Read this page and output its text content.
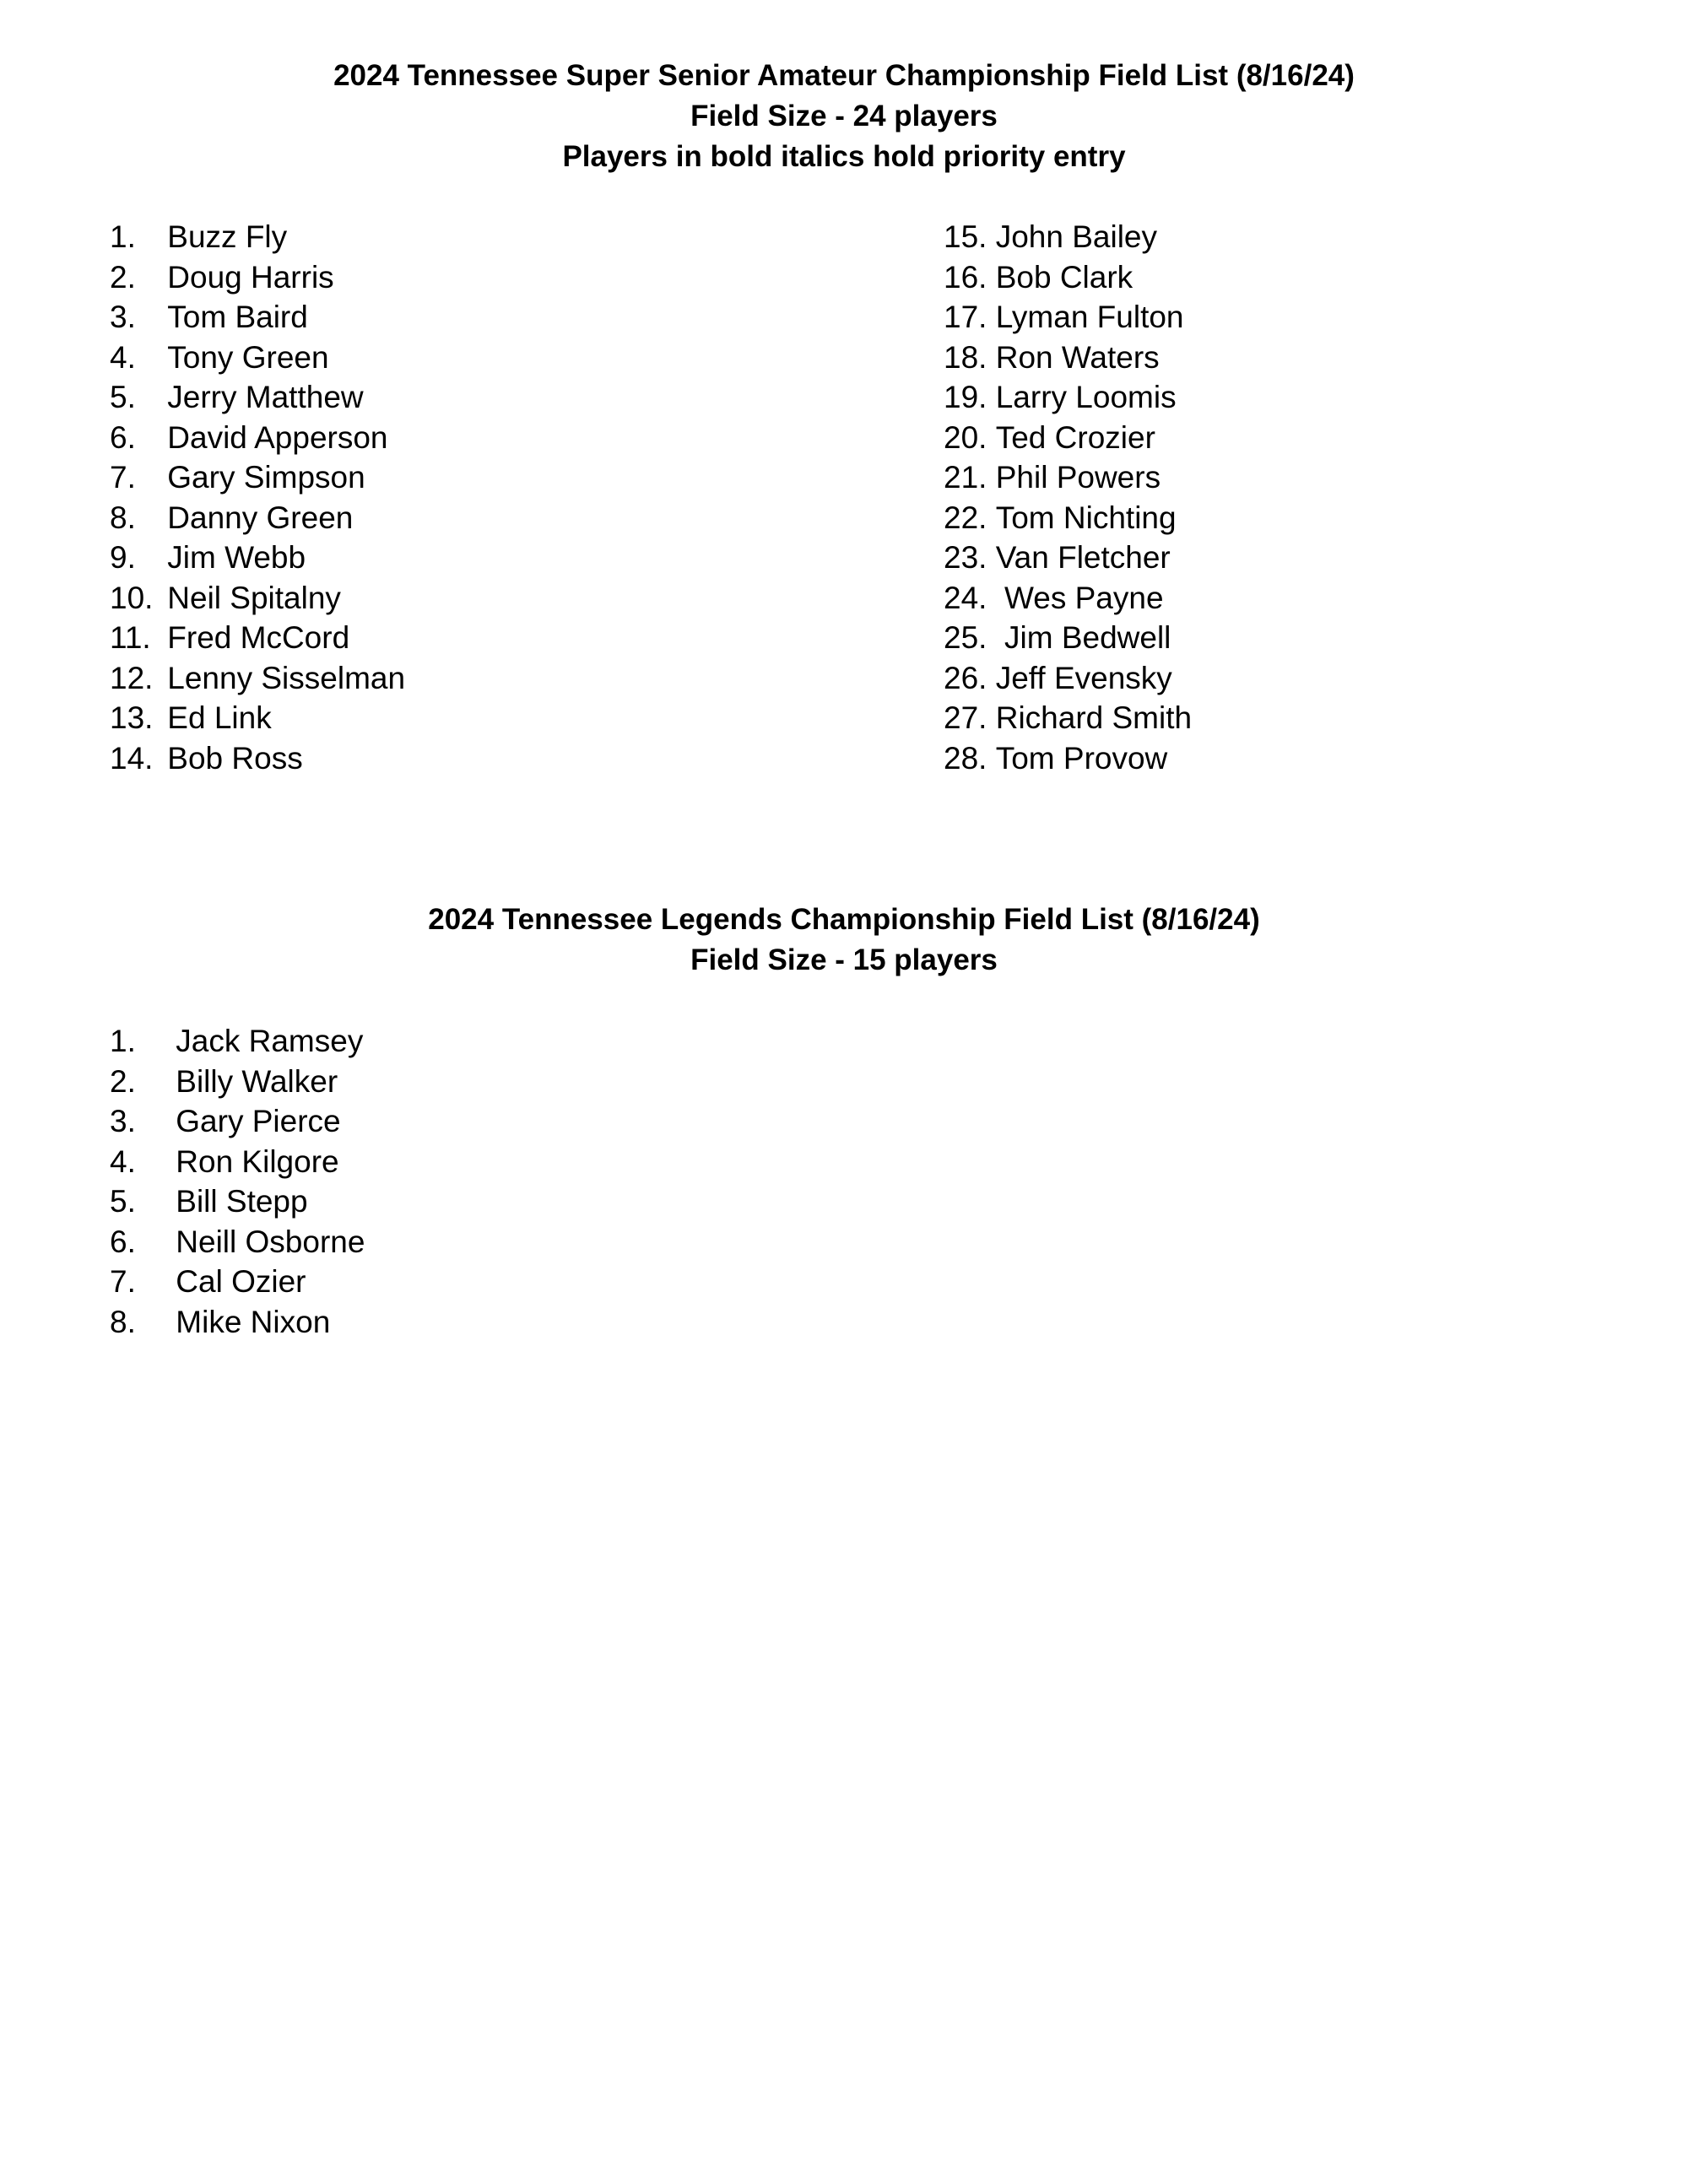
2024 Tennessee Super Senior Amateur Championship Field List (8/16/24)
Field Size - 24 players
Players in bold italics hold priority entry
1. Buzz Fly
2. Doug Harris
3. Tom Baird
4. Tony Green
5. Jerry Matthew
6. David Apperson
7. Gary Simpson
8. Danny Green
9. Jim Webb
10. Neil Spitalny
11. Fred McCord
12. Lenny Sisselman
13. Ed Link
14. Bob Ross
15. John Bailey
16. Bob Clark
17. Lyman Fulton
18. Ron Waters
19. Larry Loomis
20. Ted Crozier
21. Phil Powers
22. Tom Nichting
23. Van Fletcher
24.  Wes Payne
25.  Jim Bedwell
26. Jeff Evensky
27. Richard Smith
28. Tom Provow
2024 Tennessee Legends Championship Field List (8/16/24)
Field Size - 15 players
1. Jack Ramsey
2. Billy Walker
3. Gary Pierce
4. Ron Kilgore
5. Bill Stepp
6. Neill Osborne
7. Cal Ozier
8. Mike Nixon
